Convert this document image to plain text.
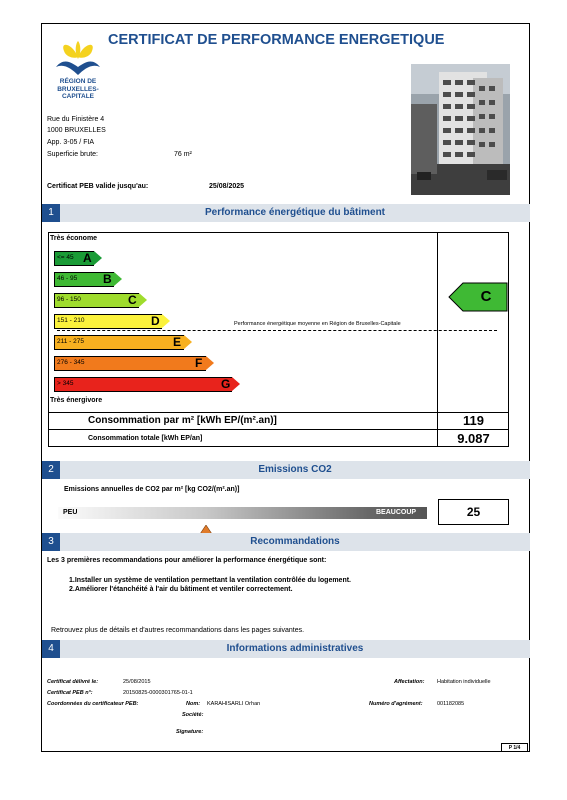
CERTIFICAT DE PERFORMANCE ENERGETIQUE
RÉGION DE
BRUXELLES-
CAPITALE
Rue du Finistère 4
1000 BRUXELLES
App. 3-05 / FIA
Superficie brute:	76 m²
Certificat PEB valide jusqu'au:	25/08/2025
1	Performance énergétique du bâtiment
Très économe
<= 45 A
46 - 95 B
96 - 150	C
151 - 210	D
211 - 275	E
276 - 345	F
> 345	G
Performance énergétique moyenne en Région de Bruxelles-Capitale
Très énergivore
C
Consommation par m² [kWh EP/(m².an)]	119
Consommation totale [kWh EP/an]	9.087
2	Emissions CO2
Emissions annuelles de CO2 par m² [kg CO2/(m².an)]
PEU	BEAUCOUP	25
3	Recommandations
Les 3 premières recommandations pour améliorer la performance énergétique sont:
1.Installer un système de ventilation permettant la ventilation contrôlée du logement.
2.Améliorer l'étanchéité à l'air du bâtiment et ventiler correctement.
Retrouvez plus de détails et d'autres recommandations dans les pages suivantes.
4	Informations administratives
Certificat délivré le:	25/08/2015
Certificat PEB n°:	20150825-0000301765-01-1
Coordonnées du certificateur PEB:	Nom: KARAHISARLI Orhan
Société:
Signature:
Affectation: Habitation individuelle
Numéro d'agrément:	001182085
P 1/4
